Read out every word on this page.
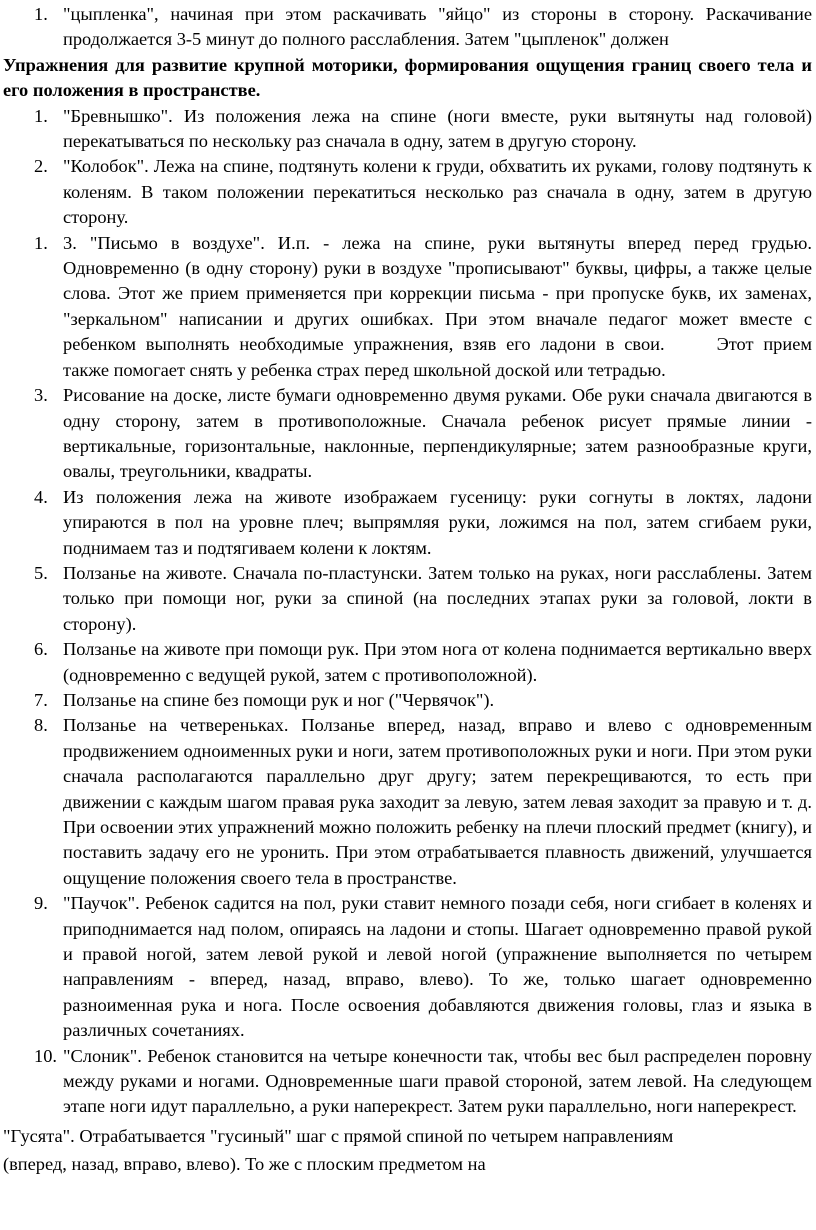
1. "цыпленка", начиная при этом раскачивать "яйцо" из стороны в сторону. Раскачивание продолжается 3-5 минут до полного расслабления. Затем "цыпленок" должен
Упражнения для развитие крупной моторики, формирования ощущения границ своего тела и его положения в пространстве.
1. "Бревнышко". Из положения лежа на спине (ноги вместе, руки вытянуты над головой) перекатываться по нескольку раз сначала в одну, затем в другую сторону.
2. "Колобок". Лежа на спине, подтянуть колени к груди, обхватить их руками, голову подтянуть к коленям. В таком положении перекатиться несколько раз сначала в одну, затем в другую сторону.
1. 3. "Письмо в воздухе". И.п. - лежа на спине, руки вытянуты вперед перед грудью. Одновременно (в одну сторону) руки в воздухе "прописывают" буквы, цифры, а также целые слова. Этот же прием применяется при коррекции письма - при пропуске букв, их заменах, "зеркальном" написании и других ошибках. При этом вначале педагог может вместе с ребенком выполнять необходимые упражнения, взяв его ладони в свои.	Этот прием также помогает снять у ребенка страх перед школьной доской или тетрадью.
3. Рисование на доске, листе бумаги одновременно двумя руками. Обе руки сначала двигаются в одну сторону, затем в противоположные. Сначала ребенок рисует прямые линии - вертикальные, горизонтальные, наклонные, перпендикулярные; затем разнообразные круги, овалы, треугольники, квадраты.
4. Из положения лежа на животе изображаем гусеницу: руки согнуты в локтях, ладони упираются в пол на уровне плеч; выпрямляя руки, ложимся на пол, затем сгибаем руки, поднимаем таз и подтягиваем колени к локтям.
5. Ползанье на животе. Сначала по-пластунски. Затем только на руках, ноги расслаблены. Затем только при помощи ног, руки за спиной (на последних этапах руки за головой, локти в сторону).
6. Ползанье на животе при помощи рук. При этом нога от колена поднимается вертикально вверх (одновременно с ведущей рукой, затем с противоположной).
7. Ползанье на спине без помощи рук и ног ("Червячок").
8. Ползанье на четвереньках. Ползанье вперед, назад, вправо и влево с одновременным продвижением одноименных руки и ноги, затем противоположных руки и ноги. При этом руки сначала располагаются параллельно друг другу; затем перекрещиваются, то есть при движении с каждым шагом правая рука заходит за левую, затем левая заходит за правую и т. д. При освоении этих упражнений можно положить ребенку на плечи плоский предмет (книгу), и поставить задачу его не уронить. При этом отрабатывается плавность движений, улучшается ощущение положения своего тела в пространстве.
9. "Паучок". Ребенок садится на пол, руки ставит немного позади себя, ноги сгибает в коленях и приподнимается над полом, опираясь на ладони и стопы. Шагает одновременно правой рукой и правой ногой, затем левой рукой и левой ногой (упражнение выполняется по четырем направлениям - вперед, назад, вправо, влево). То же, только шагает одновременно разноименная рука и нога. После освоения добавляются движения головы, глаз и языка в различных сочетаниях.
10. "Слоник". Ребенок становится на четыре конечности так, чтобы вес был распределен поровну между руками и ногами. Одновременные шаги правой стороной, затем левой. На следующем этапе ноги идут параллельно, а руки наперекрест. Затем руки параллельно, ноги наперекрест.
"Гусята". Отрабатывается "гусиный" шаг с прямой спиной по четырем направлениям
(вперед, назад, вправо, влево). То же с плоским предметом на
